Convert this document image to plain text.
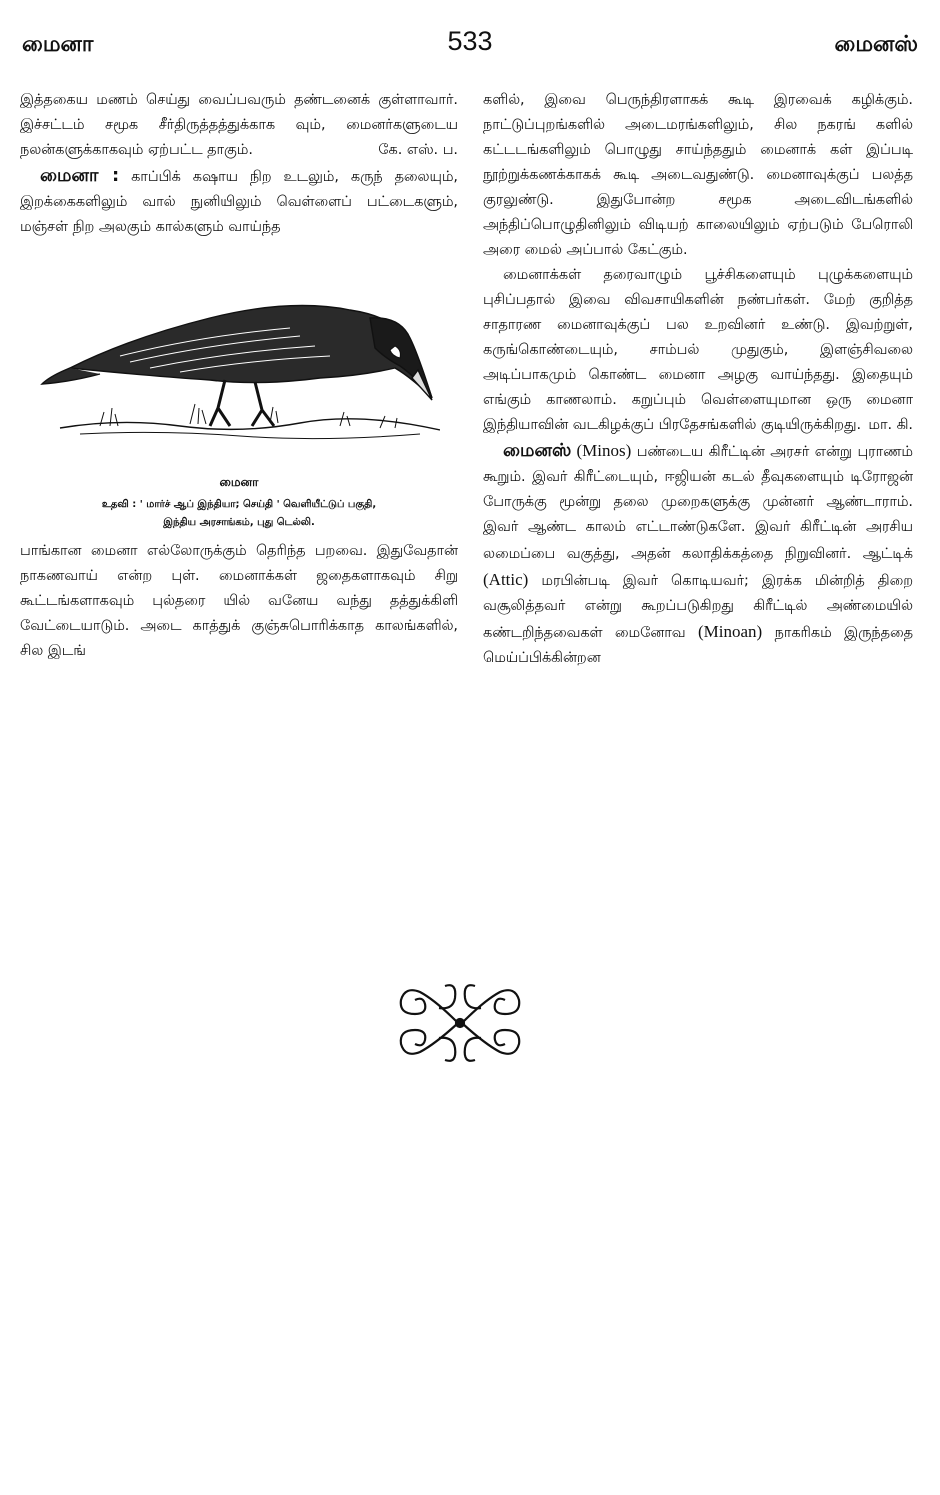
மைனா	533	மைனஸ்

இத்தகைய மணம் செய்து வைப்பவரும் தண்டனைக் குள்ளாவார். இச்சட்டம் சமூக சீர்திருத்தத்துக்காக வும், மைனர்களுடைய நலன்களுக்காகவும் ஏற்பட்ட தாகும்.	கே. எஸ். ப.

மைனா : காப்பிக் கஷாய நிற உடலும், கருந் தலையும், இறக்கைகளிலும் வால் நுனியிலும் வெள்ளைப் பட்டைகளும், மஞ்சள் நிற அலகும் கால்களும் வாய்ந்த

மைனா
உதவி : ' மார்ச் ஆப் இந்தியா; செய்தி ' வெளியீட்டுப் பகுதி,
இந்திய அரசாங்கம், புது டெல்லி.

பாங்கான மைனா எல்லோருக்கும் தெரிந்த பறவை. இதுவேதான் நாகணவாய் என்ற புள். மைனாக்கள் ஜதைகளாகவும் சிறு கூட்டங்களாகவும் புல்தரை யில் வனேய வந்து தத்துக்கிளி வேட்டையாடும். அடை காத்துக் குஞ்சுபொரிக்காத காலங்களில், சில இடங்

களில், இவை பெருந்திரளாகக் கூடி இரவைக் கழிக்கும். நாட்டுப்புறங்களில் அடைமரங்களிலும், சில நகரங் களில் கட்டடங்களிலும் பொழுது சாய்ந்ததும் மைனாக் கள் இப்படி நூற்றுக்கணக்காகக் கூடி அடைவதுண்டு. மைனாவுக்குப் பலத்த குரலுண்டு. இதுபோன்ற சமூக அடைவிடங்களில் அந்திப்பொழுதினிலும் விடியற் காலையிலும் ஏற்படும் பேரொலி அரை மைல் அப்பால் கேட்கும்.

மைனாக்கள் தரைவாழும் பூச்சிகளையும் புழுக்களையும் புசிப்பதால் இவை விவசாயிகளின் நண்பர்கள். மேற் குறித்த சாதாரண மைனாவுக்குப் பல உறவினர் உண்டு. இவற்றுள், கருங்கொண்டையும், சாம்பல் முதுகும், இளஞ்சிவலை அடிப்பாகமும் கொண்ட மைனா அழகு வாய்ந்தது. இதையும் எங்கும் காணலாம். கறுப்பும் வெள்ளையுமான ஒரு மைனா இந்தியாவின் வடகிழக்குப் பிரதேசங்களில் குடியிருக்கிறது. மா. கி.

மைனஸ் (Minos) பண்டைய கிரீட்டின் அரசர் என்று புராணம் கூறும். இவர் கிரீட்டையும், ஈஜியன் கடல் தீவுகளையும் டிரோஜன் போருக்கு மூன்று தலை முறைகளுக்கு முன்னர் ஆண்டாராம். இவர் ஆண்ட காலம் எட்டாண்டுகளே. இவர் கிரீட்டின் அரசிய லமைப்பை வகுத்து, அதன் கலாதிக்கத்தை நிறுவினர். ஆட்டிக் (Attic) மரபின்படி இவர் கொடியவர்; இரக்க மின்றித் திறை வசூலித்தவர் என்று கூறப்படுகிறது கிரீட்டில் அண்மையில் கண்டறிந்தவைகள் மைனோவ (Minoan) நாகரிகம் இருந்ததை மெய்ப்பிக்கின்றன
